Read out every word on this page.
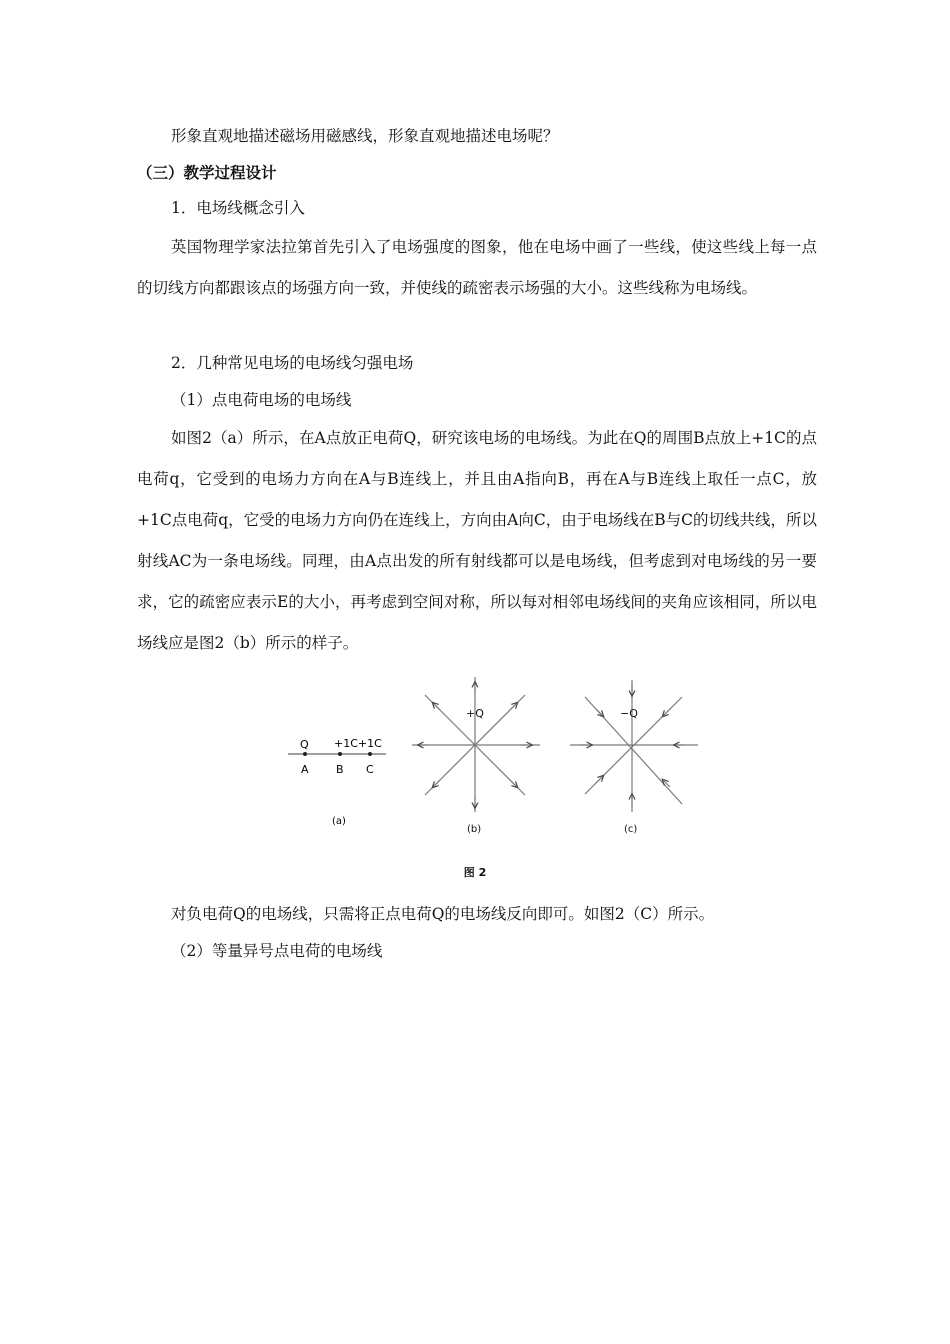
形象直观地描述磁场用磁感线，形象直观地描述电场呢？

（三）教学过程设计

1．电场线概念引入

英国物理学家法拉第首先引入了电场强度的图象，他在电场中画了一些线，使这些线上每一点的切线方向都跟该点的场强方向一致，并使线的疏密表示场强的大小。这些线称为电场线。

2．几种常见电场的电场线匀强电场

（1）点电荷电场的电场线

如图2（a）所示，在A点放正电荷Q，研究该电场的电场线。为此在Q的周围B点放上+1C的点电荷q，它受到的电场力方向在A与B连线上，并且由A指向B，再在A与B连线上取任一点C，放+1C点电荷q，它受的电场力方向仍在连线上，方向由A向C，由于电场线在B与C的切线共线，所以射线AC为一条电场线。同理，由A点出发的所有射线都可以是电场线，但考虑到对电场线的另一要求，它的疏密应表示E的大小，再考虑到空间对称，所以每对相邻电场线间的夹角应该相同，所以电场线应是图2（b）所示的样子。

Q +1C+1C
A B C
(a)
+Q
(b)
−Q
(c)
图 2

对负电荷Q的电场线，只需将正点电荷Q的电场线反向即可。如图2（C）所示。

（2）等量异号点电荷的电场线
